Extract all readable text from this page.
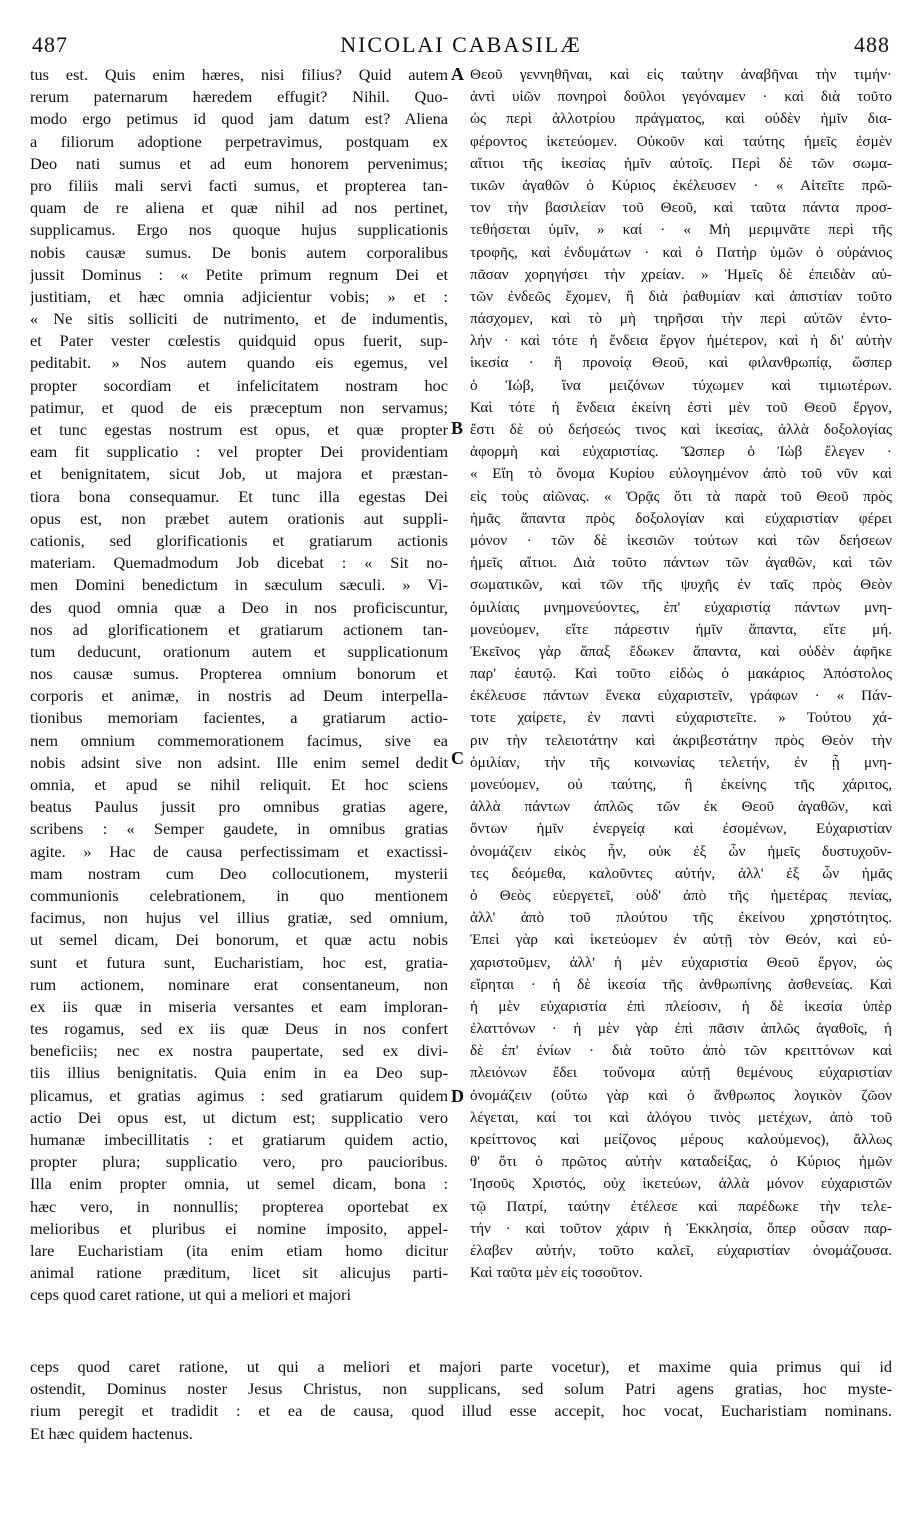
487	NICOLAI CABASILÆ	488
tus est. Quis enim hæres, nisi filius? Quid autem
rerum paternarum hæredem effugit? Nihil. Quo-
modo ergo petimus id quod jam datum est? Aliena
a filiorum adoptione perpetravimus, postquam ex
Deo nati sumus et ad eum honorem pervenimus;
pro filiis mali servi facti sumus, et propterea tan-
quam de re aliena et quæ nihil ad nos pertinet,
supplicamus. Ergo nos quoque hujus supplicationis
nobis causæ sumus. De bonis autem corporalibus
jussit Dominus : « Petite primum regnum Dei et
justitiam, et hæc omnia adjicientur vobis; » et :
« Ne sitis solliciti de nutrimento, et de indumentis,
et Pater vester cœlestis quidquid opus fuerit, sup-
peditabit. » Nos autem quando eis egemus, vel
propter socordiam et infelicitatem nostram hoc
patimur, et quod de eis præceptum non servamus;
et tunc egestas nostrum est opus, et quæ propter
eam fit supplicatio : vel propter Dei providentiam
et benignitatem, sicut Job, ut majora et præstan-
tiora bona consequamur. Et tunc illa egestas Dei
opus est, non præbet autem orationis aut suppli-
cationis, sed glorificationis et gratiarum actionis
materiam. Quemadmodum Job dicebat : « Sit no-
men Domini benedictum in sæculum sæculi. » Vi-
des quod omnia quæ a Deo in nos proficiscuntur,
nos ad glorificationem et gratiarum actionem tan-
tum deducunt, orationum autem et supplicationum
nos causæ sumus. Propterea omnium bonorum et
corporis et animæ, in nostris ad Deum interpella-
tionibus memoriam facientes, a gratiarum actio-
nem omnium commemorationem facimus, sive ea
nobis adsint sive non adsint. Ille enim semel dedit
omnia, et apud se nihil reliquit. Et hoc sciens
beatus Paulus jussit pro omnibus gratias agere,
scribens : « Semper gaudete, in omnibus gratias
agite. » Hac de causa perfectissimam et exactissi-
mam nostram cum Deo collocutionem, mysterii
communionis celebrationem, in quo mentionem
facimus, non hujus vel illius gratiæ, sed omnium,
ut semel dicam, Dei bonorum, et quæ actu nobis
sunt et futura sunt, Eucharistiam, hoc est, gratia-
rum actionem, nominare erat consentaneum, non
ex iis quæ in miseria versantes et eam imploran-
tes rogamus, sed ex iis quæ Deus in nos confert
beneficiis; nec ex nostra paupertate, sed ex divi-
tiis illius benignitatis. Quia enim in ea Deo sup-
plicamus, et gratias agimus : sed gratiarum quidem
actio Dei opus est, ut dictum est; supplicatio vero
humanæ imbecillitatis : et gratiarum quidem actio,
propter plura; supplicatio vero, pro paucioribus.
Illa enim propter omnia, ut semel dicam, bona :
hæc vero, in nonnullis; propterea oportebat ex
melioribus et pluribus ei nomine imposito, appel-
lare Eucharistiam (ita enim etiam homo dicitur
animal ratione præditum, licet sit alicujus parti-
ceps quod caret ratione, ut qui a meliori et majori
Θεοῦ γεννηθῆναι, καὶ εἰς ταύτην ἀναβῆναι τὴν τιμήν·
ἀντὶ υἱῶν πονηροὶ δοῦλοι γεγόναμεν · καὶ διὰ τοῦτο
ὡς περὶ ἀλλοτρίου πράγματος, καὶ οὐδὲν ἡμῖν δια-
φέροντος ἱκετεύομεν. Οὐκοῦν καὶ ταύτης ἡμεῖς ἐσμὲν
αἴτιοι τῆς ἱκεσίας ἡμῖν αὐτοῖς. Περὶ δὲ τῶν σωμα-
τικῶν ἀγαθῶν ὁ Κύριος ἐκέλευσεν · « Αἰτεῖτε πρῶ-
τον τὴν βασιλείαν τοῦ Θεοῦ, καὶ ταῦτα πάντα προσ-
τεθήσεται ὑμῖν, » καί · « Μὴ μεριμνᾶτε περὶ τῆς
τροφῆς, καὶ ἐνδυμάτων · καὶ ὁ Πατὴρ ὑμῶν ὁ οὐράνιος
πᾶσαν χορηγήσει τὴν χρείαν. » Ἡμεῖς δὲ ἐπειδὰν αὐ-
τῶν ἐνδεῶς ἔχομεν, ἢ διὰ ῥαθυμίαν καὶ ἀπιστίαν τοῦτο
πάσχομεν, καὶ τὸ μὴ τηρῆσαι τὴν περὶ αὐτῶν ἐντο-
λήν · καὶ τότε ἡ ἔνδεια ἔργον ἡμέτερον, καὶ ἡ δι' αὐτὴν
ἱκεσία · ἢ προνοίᾳ Θεοῦ, καὶ φιλανθρωπίᾳ, ὥσπερ
ὁ Ἰώβ, ἵνα μειζόνων τύχωμεν καὶ τιμιωτέρων.
Καὶ τότε ἡ ἔνδεια ἐκείνη ἐστὶ μὲν τοῦ Θεοῦ ἔργον,
ἔστι δὲ οὐ δεήσεώς τινος καὶ ἱκεσίας, ἀλλὰ δοξολογίας
ἀφορμὴ καὶ εὐχαριστίας. Ὥσπερ ὁ Ἰὼβ ἔλεγεν ·
« Εἴη τὸ ὄνομα Κυρίου εὐλογημένον ἀπὸ τοῦ νῦν καὶ
εἰς τοὺς αἰῶνας. « Ὁρᾷς ὅτι τὰ παρὰ τοῦ Θεοῦ πρὸς
ἡμᾶς ἅπαντα πρὸς δοξολογίαν καὶ εὐχαριστίαν φέρει
μόνον · τῶν δὲ ἱκεσιῶν τούτων καὶ τῶν δεήσεων
ἡμεῖς αἴτιοι. Διὰ τοῦτο πάντων τῶν ἀγαθῶν, καὶ τῶν
σωματικῶν, καὶ τῶν τῆς ψυχῆς ἐν ταῖς πρὸς Θεὸν
ὁμιλίαις μνημονεύοντες, ἐπ' εὐχαριστίᾳ πάντων μνη-
μονεύομεν, εἴτε πάρεστιν ἡμῖν ἅπαντα, εἴτε μή.
Ἐκεῖνος γὰρ ἅπαξ ἔδωκεν ἅπαντα, καὶ οὐδὲν ἀφῆκε
παρ' ἑαυτῷ. Καὶ τοῦτο εἰδὼς ὁ μακάριος Ἀπόστολος
ἐκέλευσε πάντων ἕνεκα εὐχαριστεῖν, γράφων · « Πάν-
τοτε χαίρετε, ἐν παντὶ εὐχαριστεῖτε. » Τούτου χά-
ριν τὴν τελειοτάτην καὶ ἀκριβεστάτην πρὸς Θεὸν τὴν
ὁμιλίαν, τὴν τῆς κοινωνίας τελετήν, ἐν ᾗ μνη-
μονεύομεν, οὐ ταύτης, ἢ ἐκείνης τῆς χάριτος,
ἀλλὰ πάντων ἁπλῶς τῶν ἐκ Θεοῦ ἀγαθῶν, καὶ
ὄντων ἡμῖν ἐνεργείᾳ καὶ ἐσομένων, Εὐχαριστίαν
ὀνομάζειν εἰκὸς ἦν, οὐκ ἐξ ὧν ἡμεῖς δυστυχοῦν-
τες δεόμεθα, καλοῦντες αὐτήν, ἀλλ' ἐξ ὧν ἡμᾶς
ὁ Θεὸς εὐεργετεῖ, οὐδ' ἀπὸ τῆς ἡμετέρας πενίας,
ἀλλ' ἀπὸ τοῦ πλούτου τῆς ἐκείνου χρηστότητος.
Ἐπεὶ γὰρ καὶ ἱκετεύομεν ἐν αὐτῇ τὸν Θεόν, καὶ εὐ-
χαριστοῦμεν, ἀλλ' ἡ μὲν εὐχαριστία Θεοῦ ἔργον, ὡς
εἴρηται · ἡ δὲ ἱκεσία τῆς ἀνθρωπίνης ἀσθενείας. Καὶ
ἡ μὲν εὐχαριστία ἐπὶ πλείοσιν, ἡ δὲ ἱκεσία ὑπὲρ
ἐλαττόνων · ἡ μὲν γὰρ ἐπὶ πᾶσιν ἁπλῶς ἀγαθοῖς, ἡ
δὲ ἐπ' ἐνίων · διὰ τοῦτο ἀπὸ τῶν κρειττόνων καὶ
πλειόνων ἔδει τοὔνομα αὐτῇ θεμένους εὐχαριστίαν
ὀνομάζειν (οὕτω γὰρ καὶ ὁ ἄνθρωπος λογικὸν ζῶον
λέγεται, καί τοι καὶ ἀλόγου τινὸς μετέχων, ἀπὸ τοῦ
κρείττονος καὶ μείζονος μέρους καλούμενος), ἄλλως
θ' ὅτι ὁ πρῶτος αὐτὴν καταδείξας, ὁ Κύριος ἡμῶν
Ἰησοῦς Χριστός, οὐχ ἱκετεύων, ἀλλὰ μόνον εὐχαριστῶν
τῷ Πατρί, ταύτην ἐτέλεσε καὶ παρέδωκε τὴν τελε-
τήν · καὶ τοῦτον χάριν ἡ Ἐκκλησία, ὅπερ οὖσαν παρ-
έλαβεν αὐτήν, τοῦτο καλεῖ, εὐχαριστίαν ὀνομάζουσα.
Καὶ ταῦτα μὲν εἰς τοσοῦτον.
A
B
C
D
ceps quod caret ratione, ut qui a meliori et majori parte vocetur), et maxime quia primus qui id
ostendit, Dominus noster Jesus Christus, non supplicans, sed solum Patri agens gratias, hoc myste-
rium peregit et tradidit : et ea de causa, quod illud esse accepit, hoc vocat, Eucharistiam nominans.
Et hæc quidem hactenus.
